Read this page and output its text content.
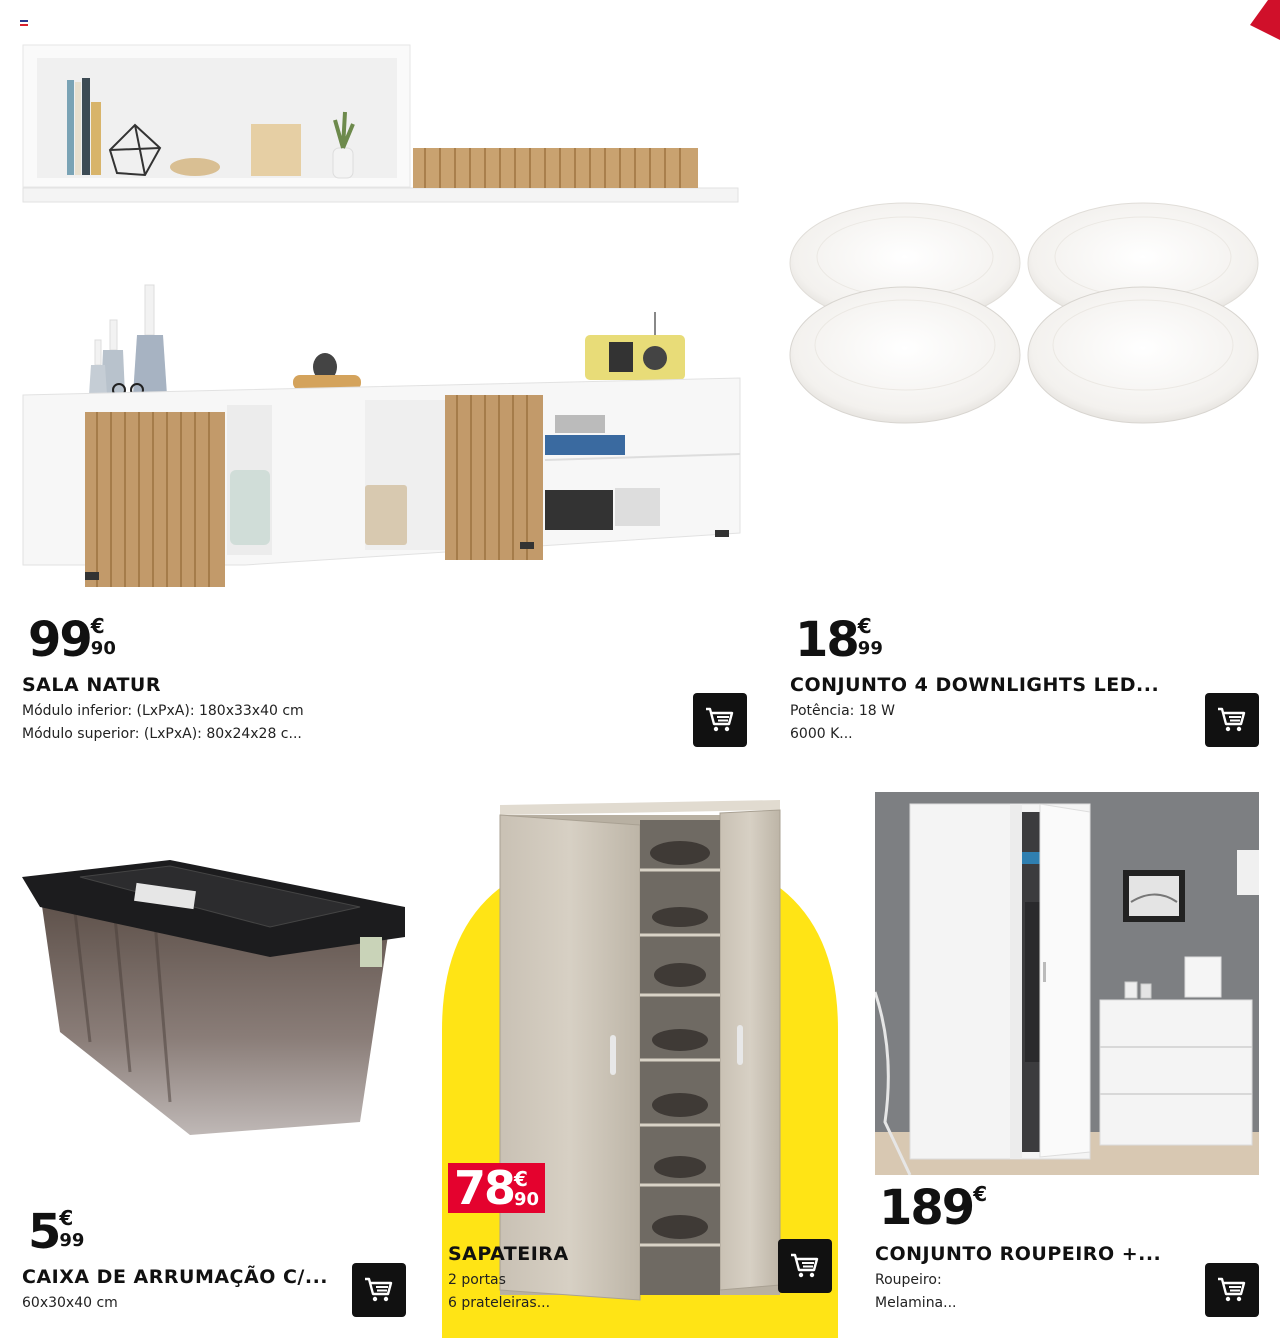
99 €
90
SALA NATUR
Módulo inferior: (LxPxA): 180x33x40 cm
Módulo superior: (LxPxA): 80x24x28 c...
18 €
99
CONJUNTO 4 DOWNLIGHTS LED...
Potência: 18 W
6000 K...
5 €
99
CAIXA DE ARRUMAÇÃO C/...
60x30x40 cm
78 €
90
SAPATEIRA
2 portas
6 prateleiras...
189 €
CONJUNTO ROUPEIRO +...
Roupeiro:
Melamina...
